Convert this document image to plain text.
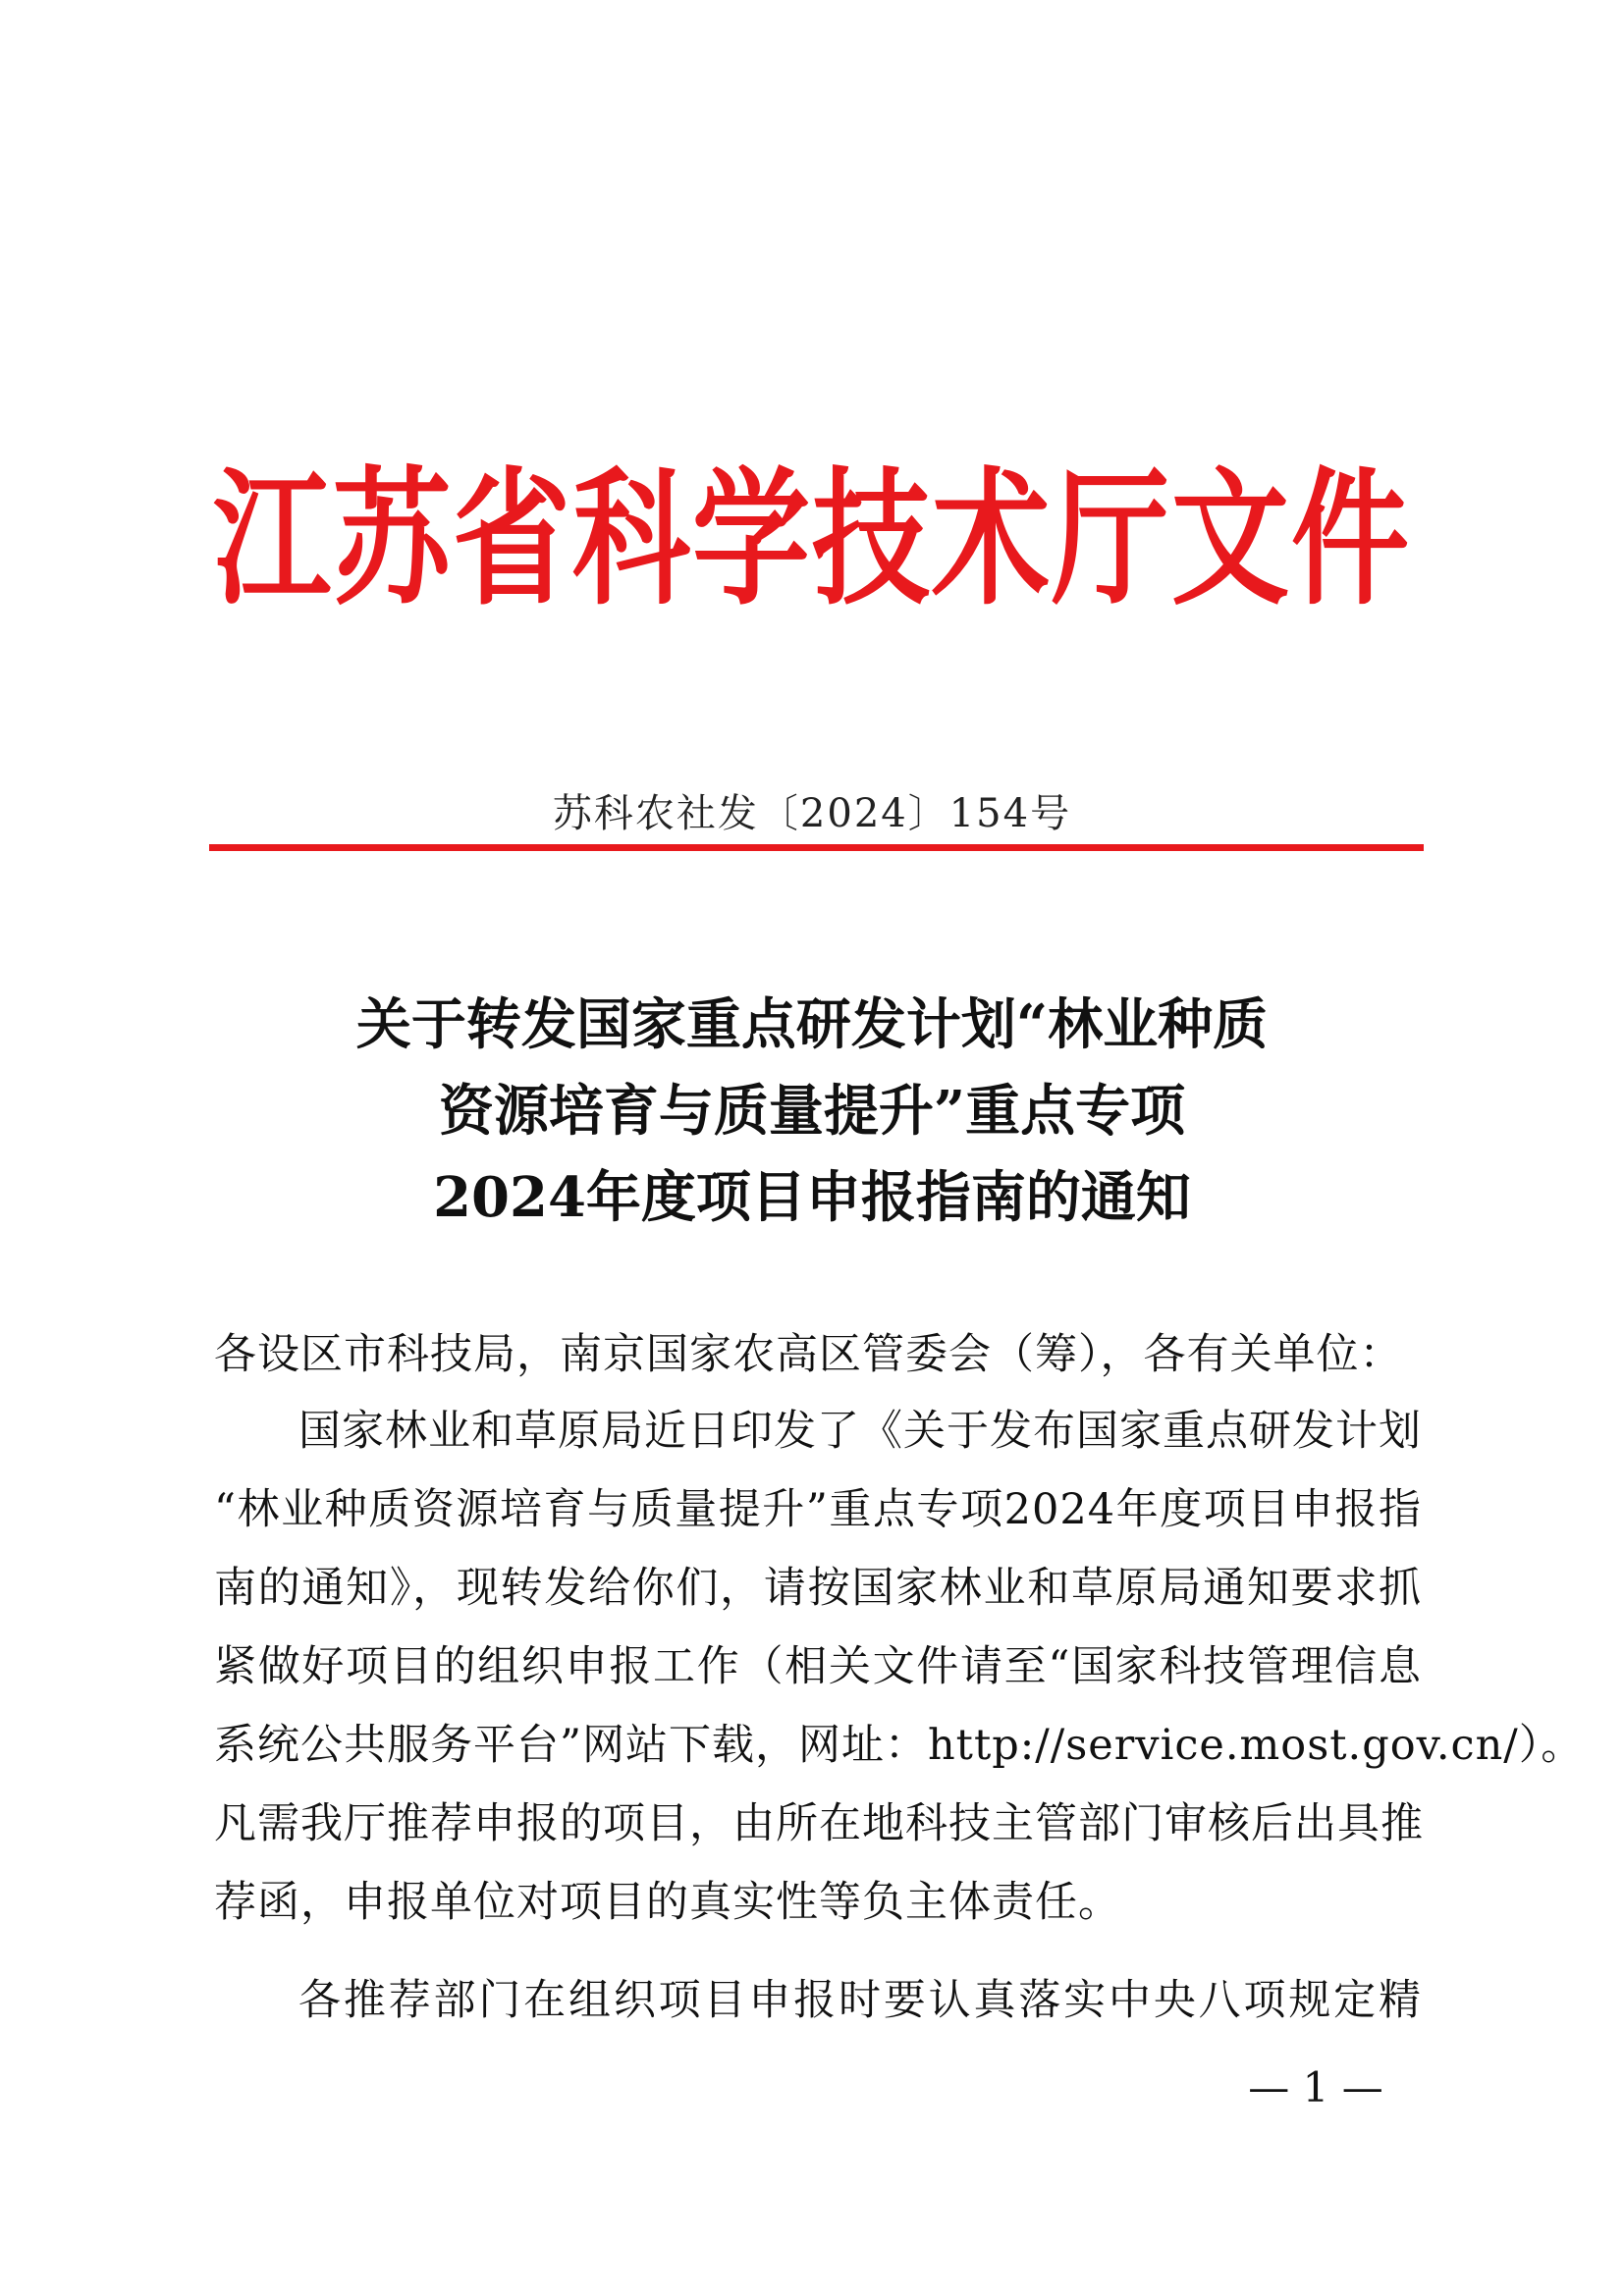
江苏省科学技术厅文件
苏科农社发〔2024〕154号
关于转发国家重点研发计划“林业种质
资源培育与质量提升”重点专项
2024年度项目申报指南的通知
各设区市科技局，南京国家农高区管委会（筹），各有关单位：
国家林业和草原局近日印发了《关于发布国家重点研发计划
“林业种质资源培育与质量提升”重点专项2024年度项目申报指
南的通知》，现转发给你们，请按国家林业和草原局通知要求抓
紧做好项目的组织申报工作（相关文件请至“国家科技管理信息
系统公共服务平台”网站下载，网址：http://service.most.gov.cn/）。
凡需我厅推荐申报的项目，由所在地科技主管部门审核后出具推
荐函，申报单位对项目的真实性等负主体责任。
各推荐部门在组织项目申报时要认真落实中央八项规定精
— 1 —
